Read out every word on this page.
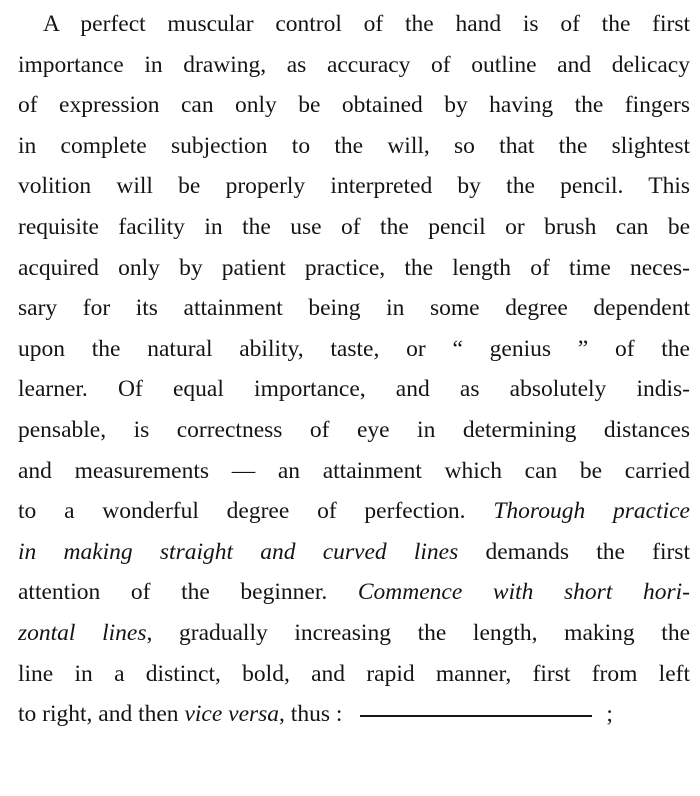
A perfect muscular control of the hand is of the first
importance in drawing, as accuracy of outline and delicacy
of expression can only be obtained by having the fingers
in complete subjection to the will, so that the slightest
volition will be properly interpreted by the pencil. This
requisite facility in the use of the pencil or brush can be
acquired only by patient practice, the length of time neces-
sary for its attainment being in some degree dependent
upon the natural ability, taste, or “ genius ” of the
learner. Of equal importance, and as absolutely indis-
pensable, is correctness of eye in determining distances
and measurements — an attainment which can be carried
to a wonderful degree of perfection. Thorough practice
in making straight and curved lines demands the first
attention of the beginner. Commence with short hori-
zontal lines, gradually increasing the length, making the
line in a distinct, bold, and rapid manner, first from left
to right, and then vice versa, thus :	;
